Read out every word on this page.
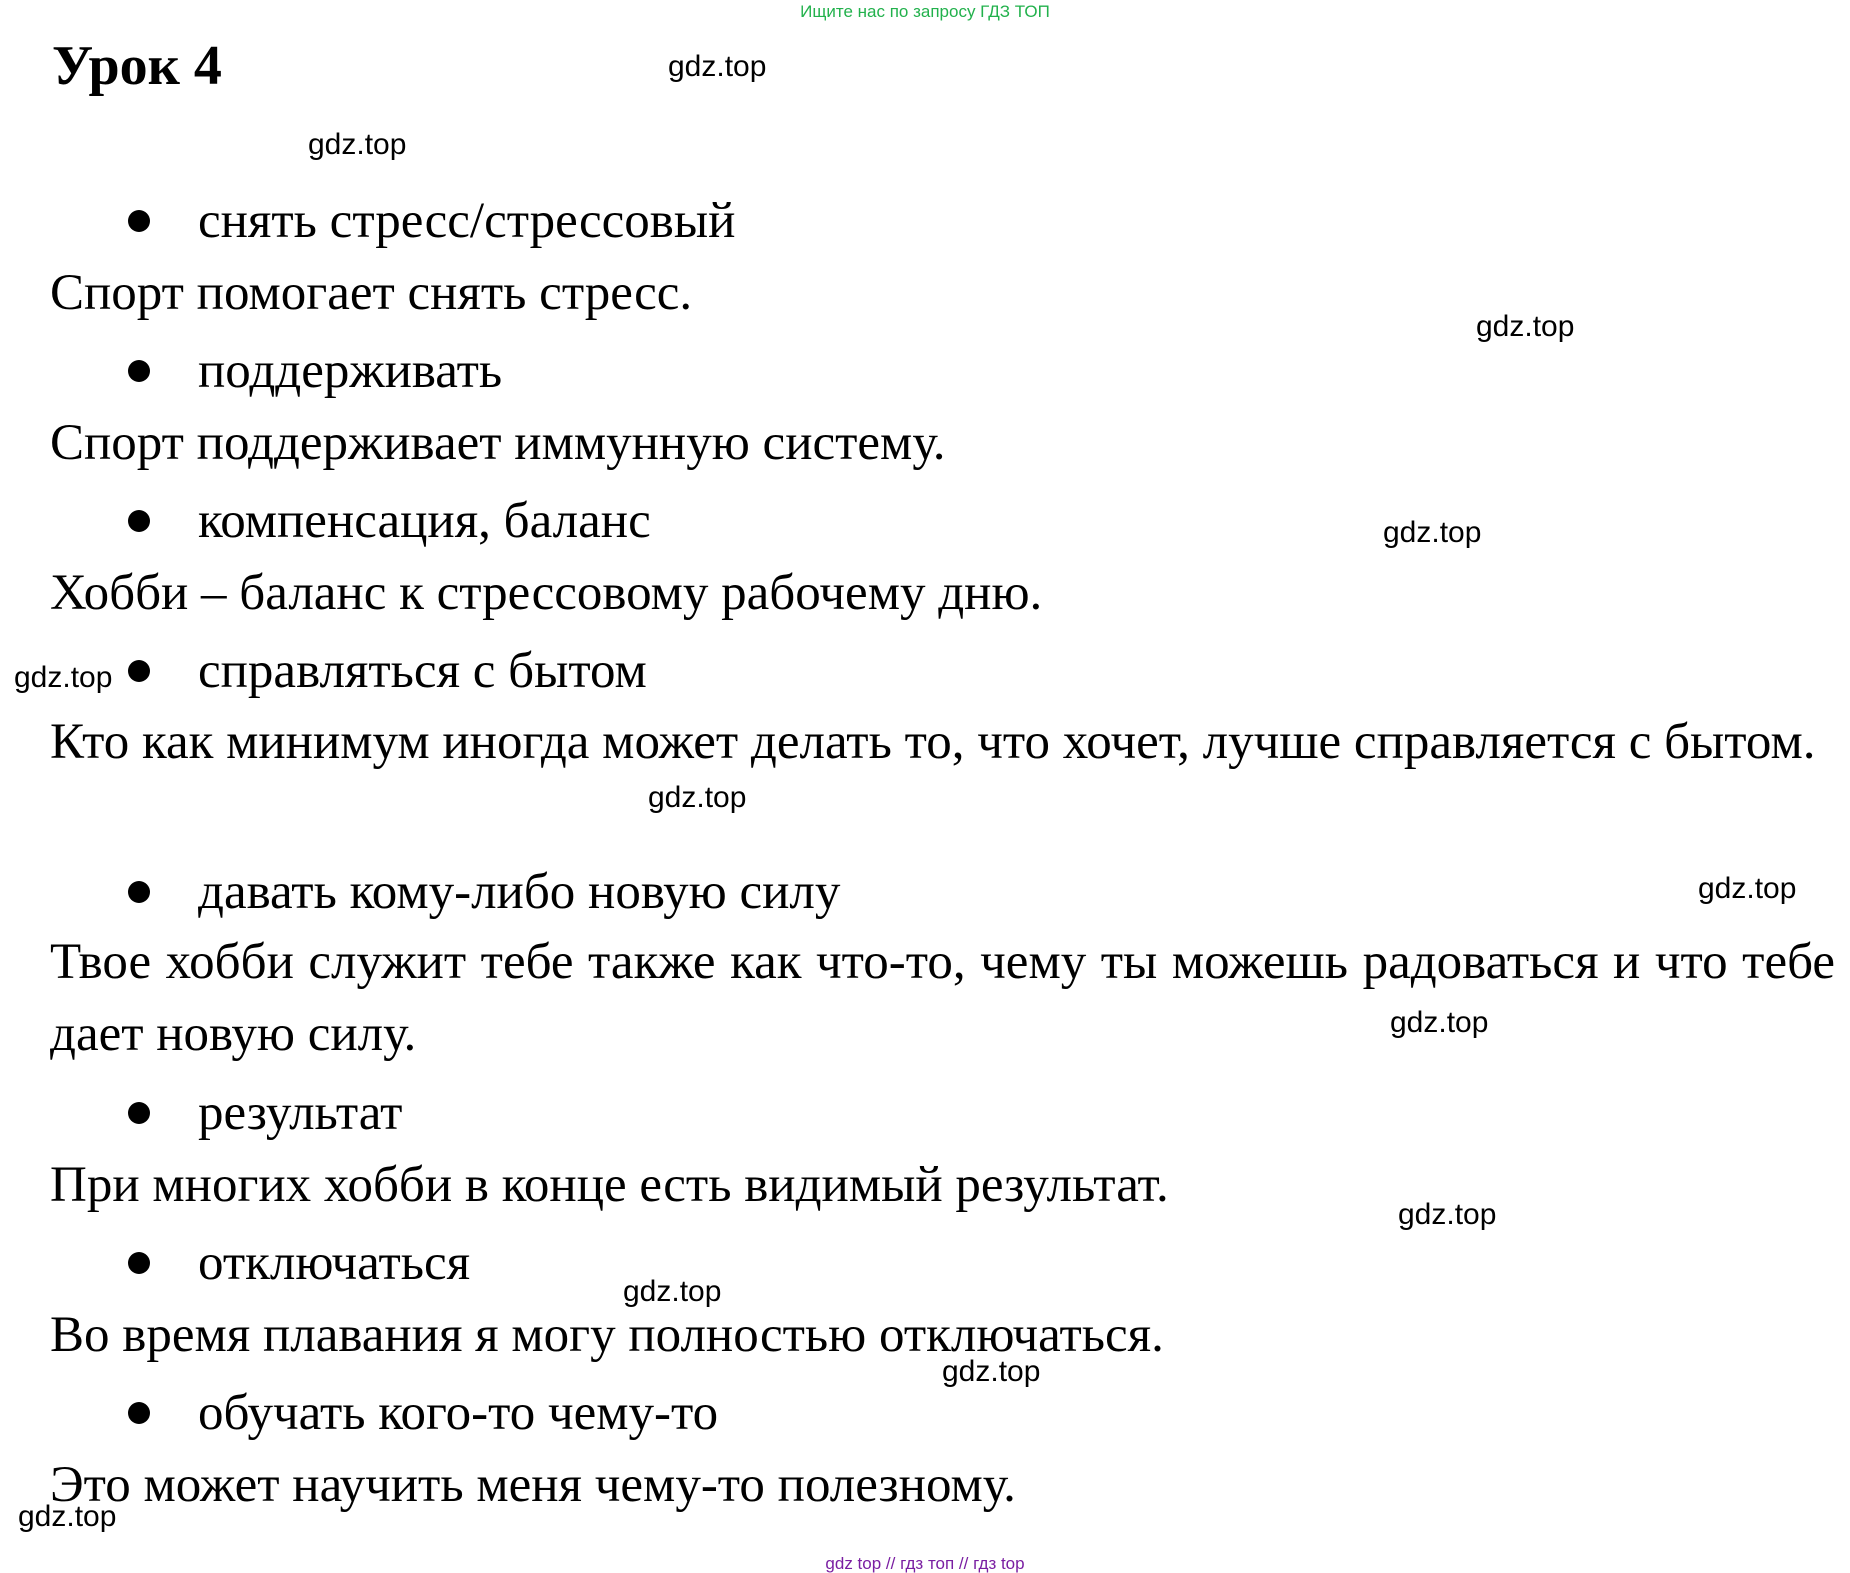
Ищите нас по запросу ГДЗ ТОП
Урок 4
снять стресс/стрессовый
Спорт помогает снять стресс.
поддерживать
Спорт поддерживает иммунную систему.
компенсация, баланс
Хобби – баланс к стрессовому рабочему дню.
справляться с бытом
Кто как минимум иногда может делать то, что хочет, лучше справляется с бытом.
давать кому-либо новую силу
Твое хобби служит тебе также как что-то, чему ты можешь радоваться и что тебе дает новую силу.
результат
При многих хобби в конце есть видимый результат.
отключаться
Во время плавания я могу полностью отключаться.
обучать кого-то чему-то
Это может научить меня чему-то полезному.
gdz.top
gdz.top
gdz.top
gdz.top
gdz.top
gdz.top
gdz.top
gdz.top
gdz.top
gdz.top
gdz.top
gdz.top
gdz top // гдз топ // гдз top
